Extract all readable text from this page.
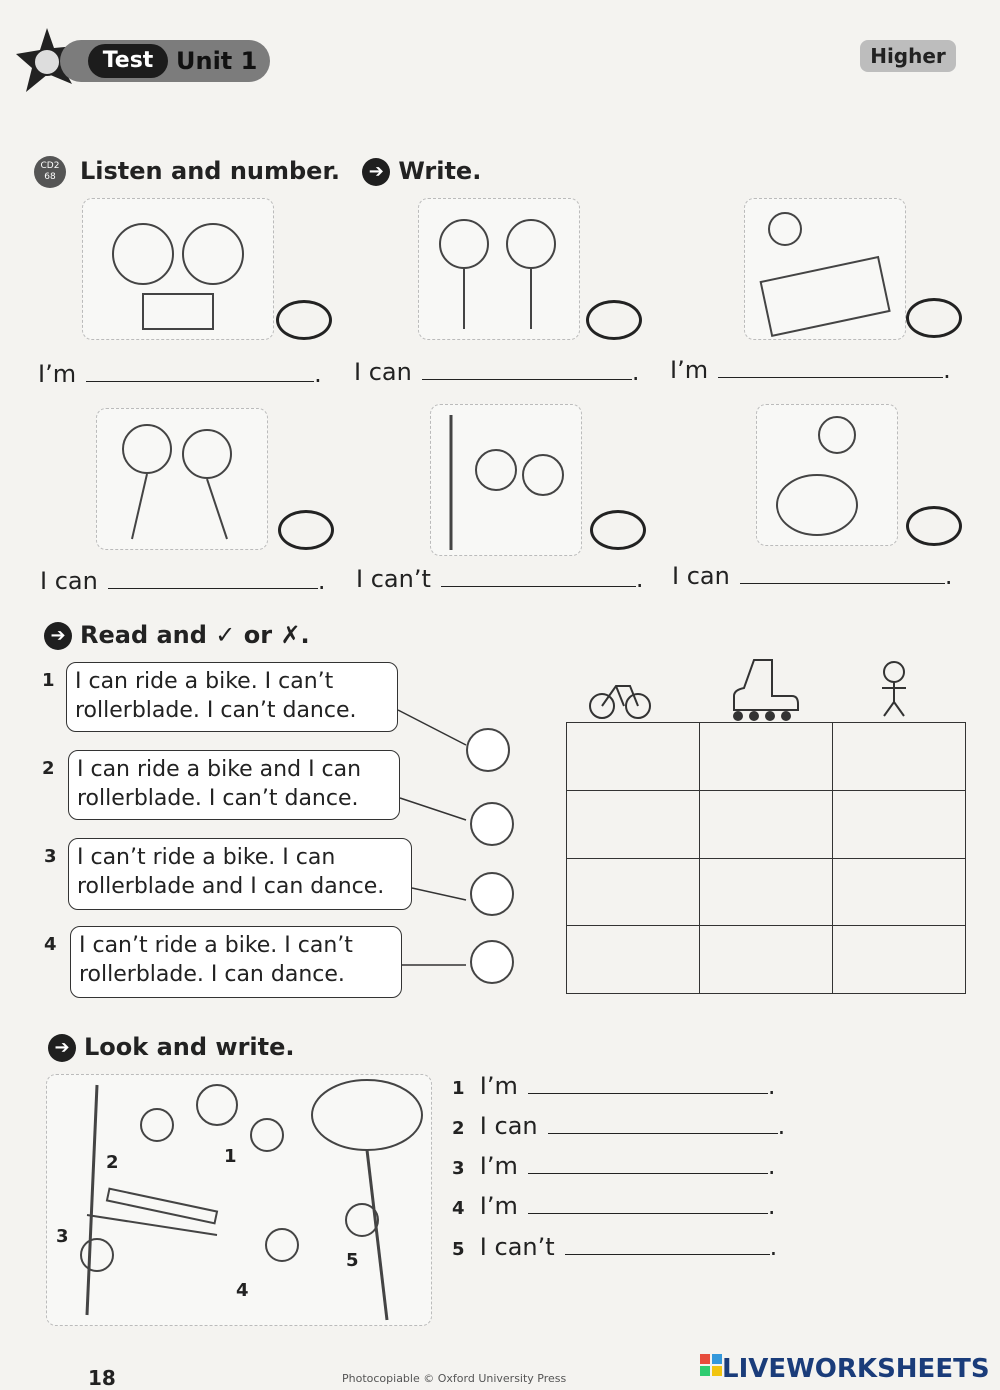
Test Unit 1	Higher
CD2
68	Listen and number. ➔ Write.
I’m	. I can	. I’m	.
I can	. I can’t	. I can	.
➔ Read and ✓ or ✗.
1 I can ride a bike. I can’t
rollerblade. I can’t dance.
2 I can ride a bike and I can
rollerblade. I can’t dance.
3 I can’t ride a bike. I can
rollerblade and I can dance.
4 I can’t ride a bike. I can’t
rollerblade. I can dance.

➔ Look and write.
2	1
3
4
5
1 I’m	.
2 I can	.
3 I’m	.
4 I’m	.
5 I can’t	.
18	Photocopiable © Oxford University Press	LIVEWORKSHEETS
